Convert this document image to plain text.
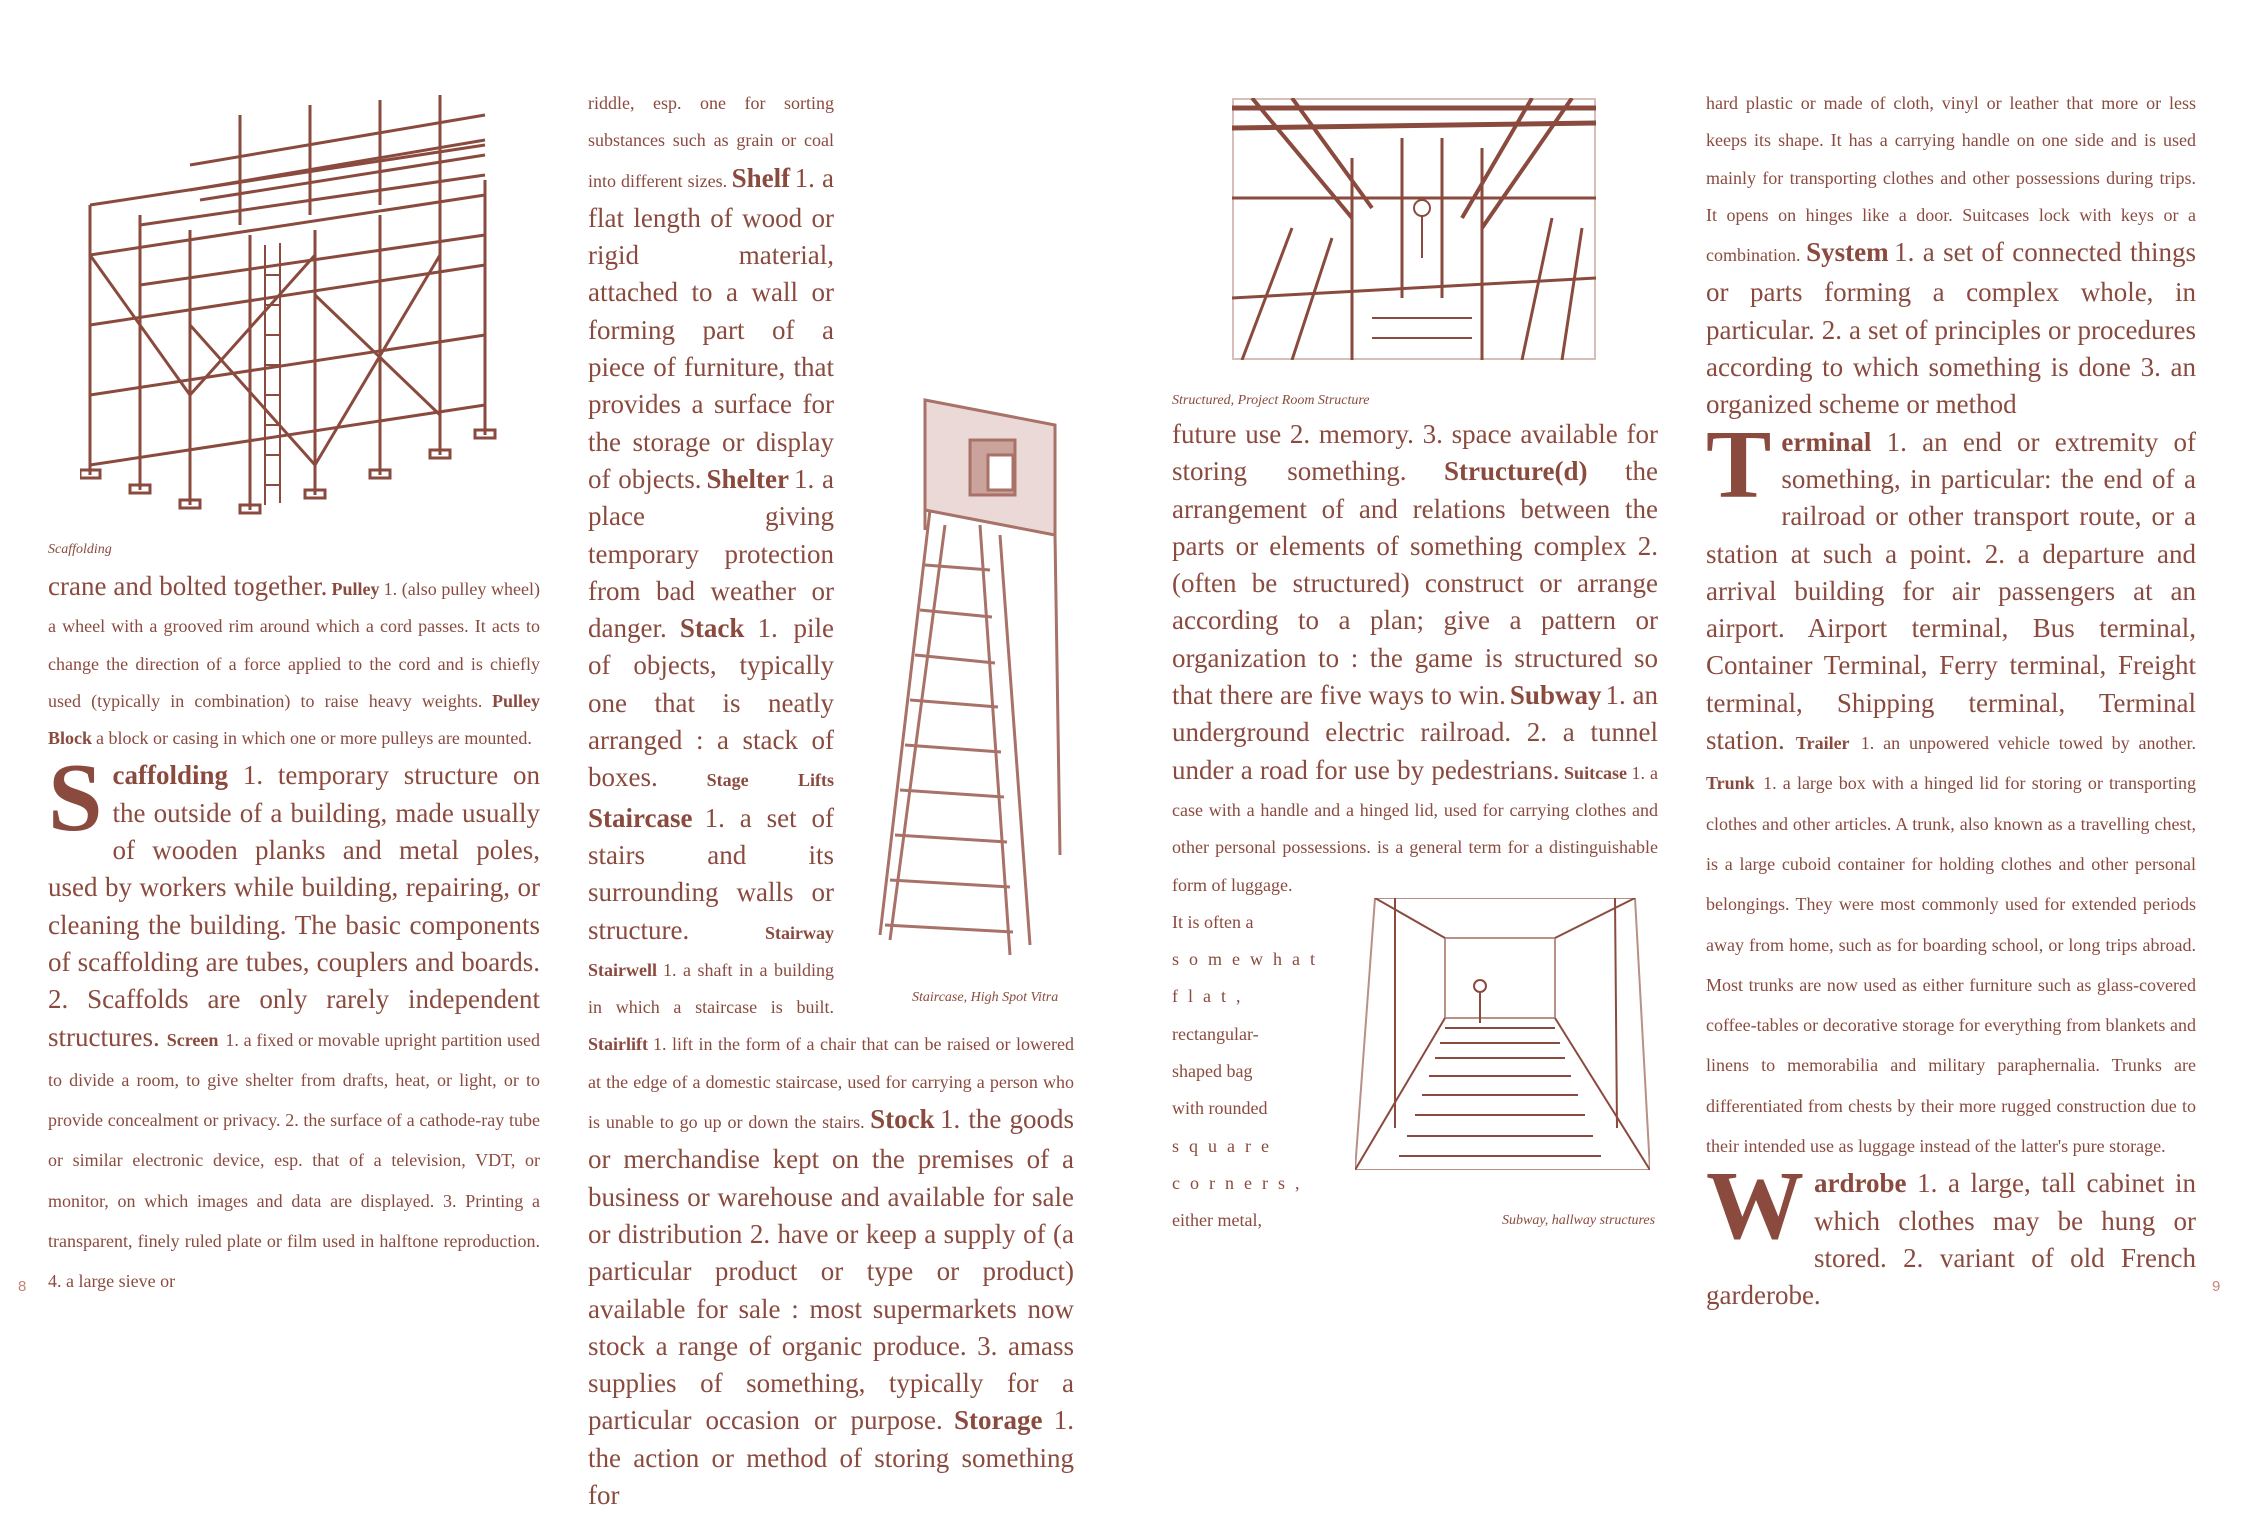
Scaffolding
Staircase, High Spot Vitra
Structured, Project Room Structure
Subway, hallway structures

crane and bolted together. Pulley 1. (also pulley wheel) a wheel with a grooved rim around which a cord passes. It acts to change the direction of a force applied to the cord and is chiefly used (typically in combination) to raise heavy weights. Pulley Block a block or casing in which one or more pulleys are mounted.

Scaffolding 1. temporary structure on the outside of a building, made usually of wooden planks and metal poles, used by workers while building, repairing, or cleaning the building. The basic components of scaffolding are tubes, couplers and boards. 2. Scaffolds are only rarely independent structures. Screen 1. a fixed or movable upright partition used to divide a room, to give shelter from drafts, heat, or light, or to provide concealment or privacy. 2. the surface of a cathode-ray tube or similar electronic device, esp. that of a television, VDT, or monitor, on which images and data are displayed. 3. Printing a transparent, finely ruled plate or film used in halftone reproduction. 4. a large sieve or

riddle, esp. one for sorting substances such as grain or coal into different sizes. Shelf 1. a flat length of wood or rigid material, attached to a wall or forming part of a piece of furniture, that provides a surface for the storage or display of objects. Shelter 1. a place giving temporary protection from bad weather or danger. Stack 1. pile of objects, typically one that is neatly arranged : a stack of boxes.	Stage Lifts Staircase 1. a set of stairs and its surrounding walls or structure.	Stairway Stairwell 1. a shaft in a building in which a staircase is built. Stairlift 1. lift in the form of a chair that can be raised or lowered at the edge of a domestic staircase, used for carrying a person who is unable to go up or down the stairs. Stock 1. the goods or merchandise kept on the premises of a business or warehouse and available for sale or distribution 2. have or keep a supply of (a particular product or type or product) available for sale : most supermarkets now stock a range of organic produce. 3. amass supplies of something, typically for a particular occasion or purpose. Storage 1. the action or method of storing something for

future use 2. memory. 3. space available for storing something. Structure(d) the arrangement of and relations between the parts or elements of something complex 2. (often be structured) construct or arrange according to a plan; give a pattern or organization to : the game is structured so that there are five ways to win. Subway 1. an underground electric railroad. 2. a tunnel under a road for use by pedestrians. Suitcase 1. a case with a handle and a hinged lid, used for carrying clothes and other personal possessions. is a general term for a distinguishable form of luggage.

It is often a
somewhat
flat,
rectangular-
shaped bag
with rounded
square
corners,
either metal,

hard plastic or made of cloth, vinyl or leather that more or less keeps its shape. It has a carrying handle on one side and is used mainly for transporting clothes and other possessions during trips. It opens on hinges like a door. Suitcases lock with keys or a combination. System 1. a set of connected things or parts forming a complex whole, in particular. 2. a set of principles or procedures according to which something is done 3. an organized scheme or method

Terminal 1. an end or extremity of something, in particular: the end of a railroad or other transport route, or a station at such a point. 2. a departure and arrival building for air passengers at an airport. Airport terminal, Bus terminal, Container Terminal, Ferry terminal, Freight terminal, Shipping terminal, Terminal station. Trailer 1. an unpowered vehicle towed by another. Trunk 1. a large box with a hinged lid for storing or transporting clothes and other articles. A trunk, also known as a travelling chest, is a large cuboid container for holding clothes and other personal belongings. They were most commonly used for extended periods away from home, such as for boarding school, or long trips abroad. Most trunks are now used as either furniture such as glass-covered coffee-tables or decorative storage for everything from blankets and linens to memorabilia and military paraphernalia. Trunks are differentiated from chests by their more rugged construction due to their intended use as luggage instead of the latter's pure storage.

Wardrobe 1. a large, tall cabinet in which clothes may be hung or stored. 2. variant of old French garderobe.

8	9
